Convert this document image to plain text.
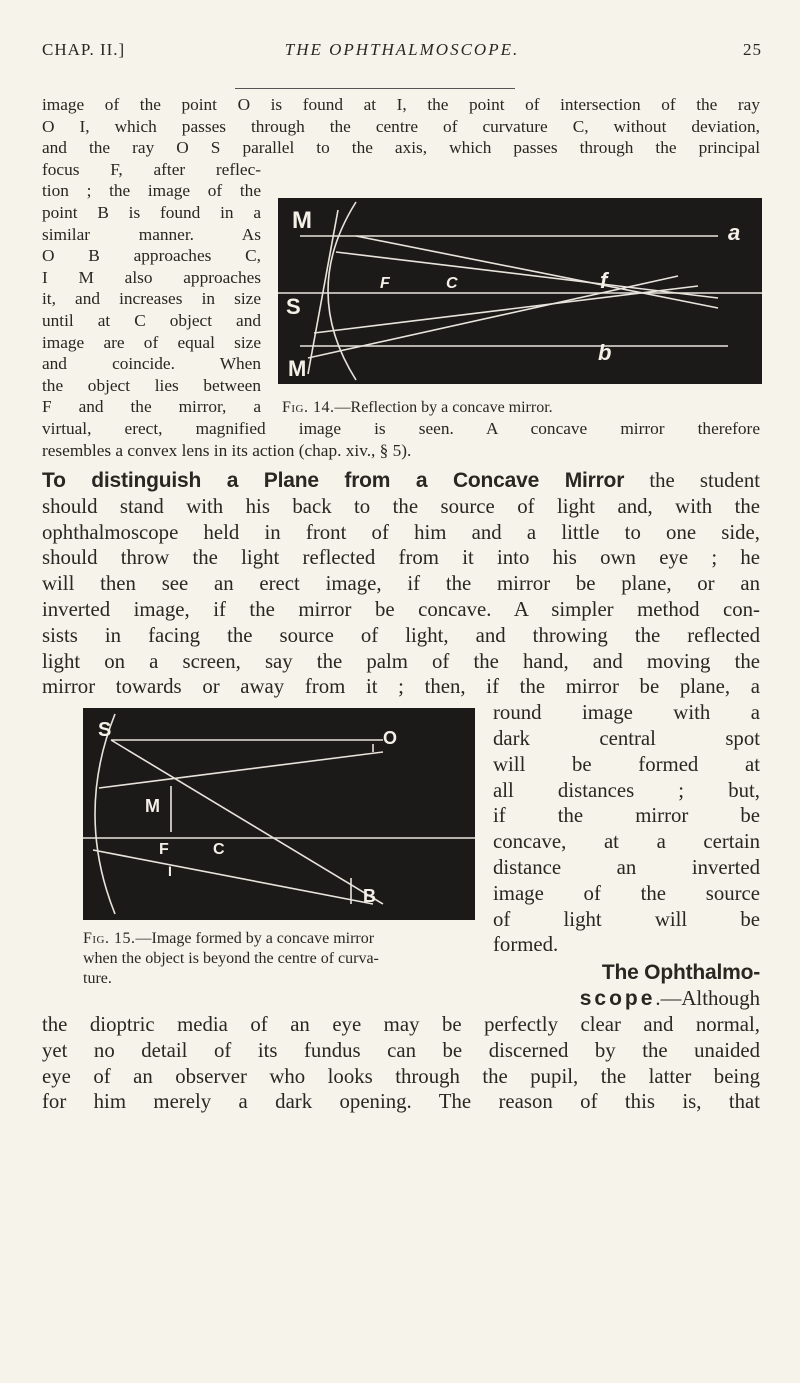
CHAP. II.]	THE OPHTHALMOSCOPE.	25
image of the point O is found at I, the point of intersection of the ray
O I, which passes through the centre of curvature C, without deviation,
and the ray O S parallel to the axis, which passes through the principal
focus F, after reflec-
tion ; the image of the
point B is found in a
similar manner. As
O B approaches C,
I M also approaches
it, and increases in size
until at C object and
image are of equal size
and coincide. When
the object lies between
F and the mirror, a
virtual, erect, magnified image is seen. A concave mirror therefore
resembles a convex lens in its action (chap. xiv., § 5).
M	a
S
F	C	f
b
M
Fig. 14.—Reflection by a concave mirror.
To distinguish a Plane from a Concave Mirror the student
should stand with his back to the source of light and, with the
ophthalmoscope held in front of him and a little to one side,
should throw the light reflected from it into his own eye ; he
will then see an erect image, if the mirror be plane, or an
inverted image, if the mirror be concave. A simpler method con-
sists in facing the source of light, and throwing the reflected
light on a screen, say the palm of the hand, and moving the
mirror towards or away from it ; then, if the mirror be plane, a
round image with a
dark central spot
will be formed at
all distances ; but,
if the mirror be
concave, at a certain
distance an inverted
image of the source
of light will be
formed.
S	O
M
F	C
I
B
Fig. 15.—Image formed by a concave mirror
when the object is beyond the centre of curva-
ture.	The Ophthalmo-
scope.—Although
the dioptric media of an eye may be perfectly clear and normal,
yet no detail of its fundus can be discerned by the unaided
eye of an observer who looks through the pupil, the latter being
for him merely a dark opening. The reason of this is, that
